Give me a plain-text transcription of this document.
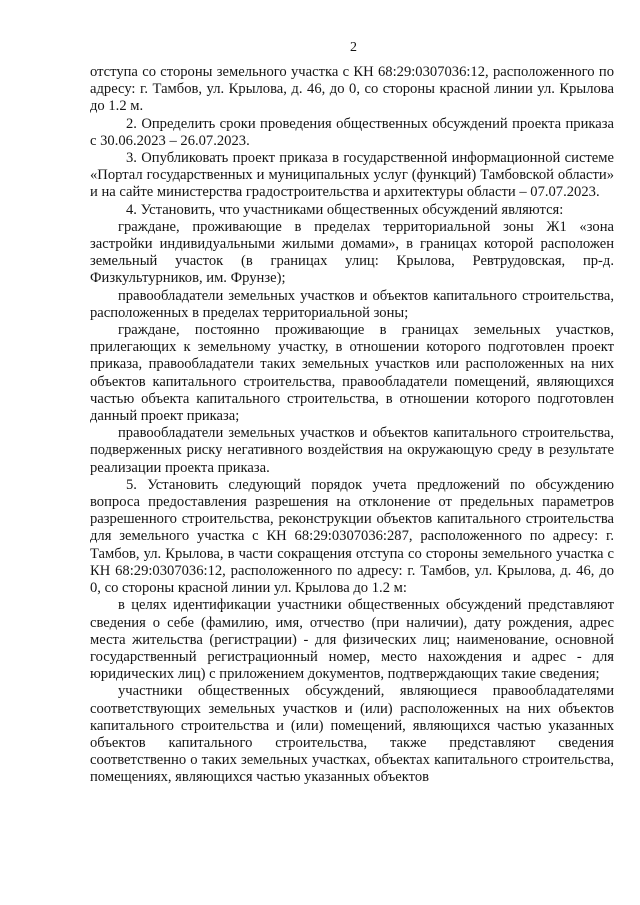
2

отступа со стороны земельного участка с КН 68:29:0307036:12, расположенного по адресу: г. Тамбов, ул. Крылова, д. 46, до 0, со стороны красной линии ул. Крылова до 1.2 м.

2. Определить сроки проведения общественных обсуждений проекта приказа с 30.06.2023 – 26.07.2023.

3. Опубликовать проект приказа в государственной информационной системе «Портал государственных и муниципальных услуг (функций) Тамбовской области» и на сайте министерства градостроительства и архитектуры области – 07.07.2023.

4. Установить, что участниками общественных обсуждений являются:

граждане, проживающие в пределах территориальной зоны Ж1 «зона застройки индивидуальными жилыми домами», в границах которой расположен земельный участок (в границах улиц: Крылова, Ревтрудовская, пр-д. Физкультурников, им. Фрунзе);

правообладатели земельных участков и объектов капитального строительства, расположенных в пределах территориальной зоны;

граждане, постоянно проживающие в границах земельных участков, прилегающих к земельному участку, в отношении которого подготовлен проект приказа, правообладатели таких земельных участков или расположенных на них объектов капитального строительства, правообладатели помещений, являющихся частью объекта капитального строительства, в отношении которого подготовлен данный проект приказа;

правообладатели земельных участков и объектов капитального строительства, подверженных риску негативного воздействия на окружающую среду в результате реализации проекта приказа.

5. Установить следующий порядок учета предложений по обсуждению вопроса предоставления разрешения на отклонение от предельных параметров разрешенного строительства, реконструкции объектов капитального строительства для земельного участка с КН 68:29:0307036:287, расположенного по адресу: г. Тамбов, ул. Крылова, в части сокращения отступа со стороны земельного участка с КН 68:29:0307036:12, расположенного по адресу: г. Тамбов, ул. Крылова, д. 46, до 0, со стороны красной линии ул. Крылова до 1.2 м:

в целях идентификации участники общественных обсуждений представляют сведения о себе (фамилию, имя, отчество (при наличии), дату рождения, адрес места жительства (регистрации) - для физических лиц; наименование, основной государственный регистрационный номер, место нахождения и адрес - для юридических лиц) с приложением документов, подтверждающих такие сведения;

участники общественных обсуждений, являющиеся правообладателями соответствующих земельных участков и (или) расположенных на них объектов капитального строительства и (или) помещений, являющихся частью указанных объектов капитального строительства, также представляют сведения соответственно о таких земельных участках, объектах капитального строительства, помещениях, являющихся частью указанных объектов
